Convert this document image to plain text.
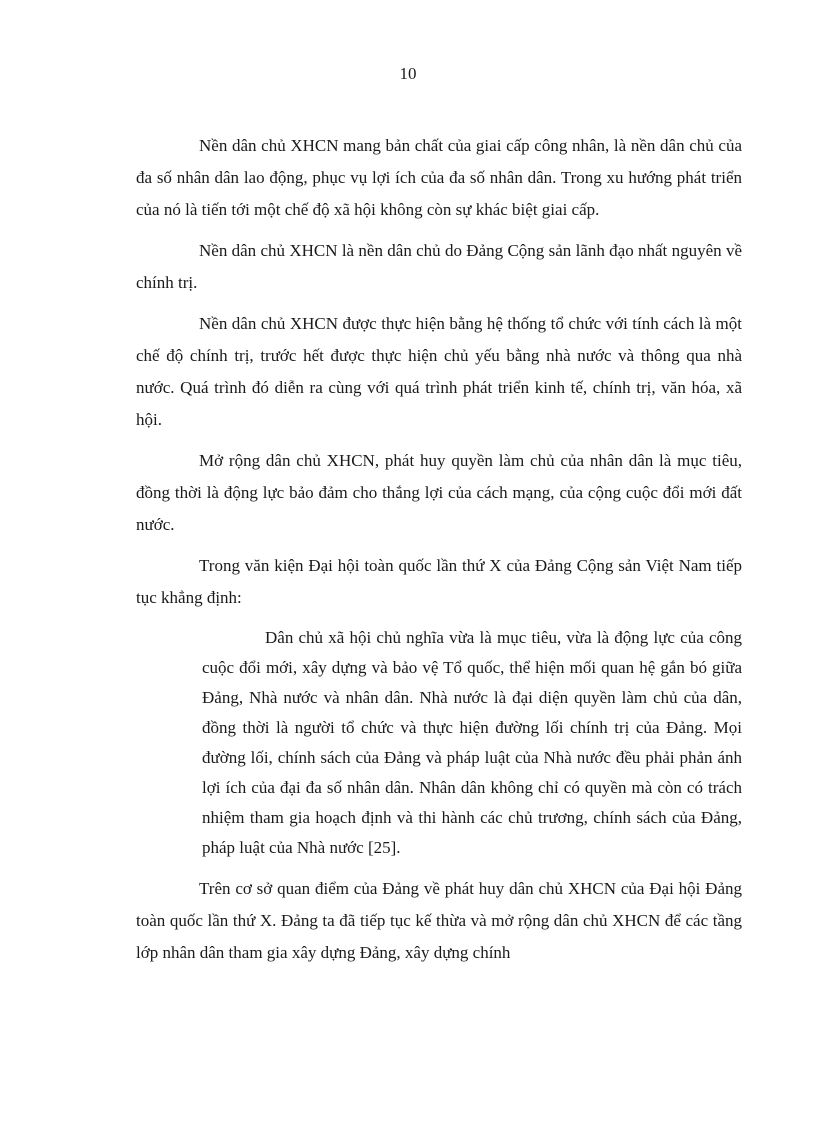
10

Nền dân chủ XHCN mang bản chất của giai cấp công nhân, là nền dân chủ của đa số nhân dân lao động, phục vụ lợi ích của đa số nhân dân. Trong xu hướng phát triển của nó là tiến tới một chế độ xã hội không còn sự khác biệt giai cấp.

Nền dân chủ XHCN là nền dân chủ do Đảng Cộng sản lãnh đạo nhất nguyên về chính trị.

Nền dân chủ XHCN được thực hiện bằng hệ thống tổ chức với tính cách là một chế độ chính trị, trước hết được thực hiện chủ yếu bằng nhà nước và thông qua nhà nước. Quá trình đó diễn ra cùng với quá trình phát triển kinh tế, chính trị, văn hóa, xã hội.

Mở rộng dân chủ XHCN, phát huy quyền làm chủ của nhân dân là mục tiêu, đồng thời là động lực bảo đảm cho thắng lợi của cách mạng, của cộng cuộc đổi mới đất nước.

Trong văn kiện Đại hội toàn quốc lần thứ X của Đảng Cộng sản Việt Nam tiếp tục khẳng định:

Dân chủ xã hội chủ nghĩa vừa là mục tiêu, vừa là động lực của công cuộc đổi mới, xây dựng và bảo vệ Tổ quốc, thể hiện mối quan hệ gắn bó giữa Đảng, Nhà nước và nhân dân. Nhà nước là đại diện quyền làm chủ của dân, đồng thời là người tổ chức và thực hiện đường lối chính trị của Đảng. Mọi đường lối, chính sách của Đảng và pháp luật của Nhà nước đều phải phản ánh lợi ích của đại đa số nhân dân. Nhân dân không chỉ có quyền mà còn có trách nhiệm tham gia hoạch định và thi hành các chủ trương, chính sách của Đảng, pháp luật của Nhà nước [25].

Trên cơ sở quan điểm của Đảng về phát huy dân chủ XHCN của Đại hội Đảng toàn quốc lần thứ X. Đảng ta đã tiếp tục kế thừa và mở rộng dân chủ XHCN để các tầng lớp nhân dân tham gia xây dựng Đảng, xây dựng chính
